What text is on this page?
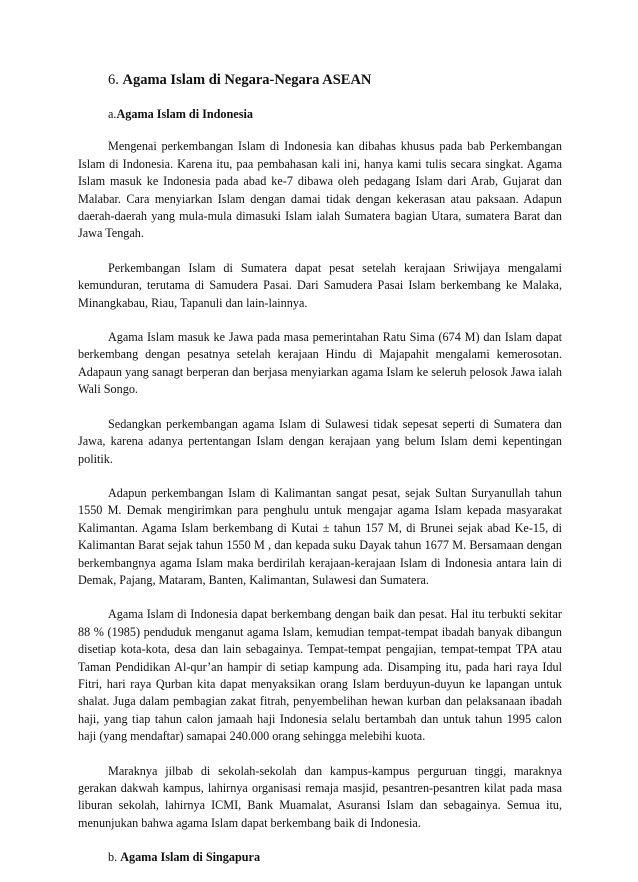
6. Agama Islam di Negara-Negara ASEAN
a.Agama Islam di Indonesia

Mengenai perkembangan Islam di Indonesia kan dibahas khusus pada bab Perkembangan Islam di Indonesia. Karena itu, paa pembahasan kali ini, hanya kami tulis secara singkat. Agama Islam masuk ke Indonesia pada abad ke-7 dibawa oleh pedagang Islam dari Arab, Gujarat dan Malabar. Cara menyiarkan Islam dengan damai tidak dengan kekerasan atau paksaan. Adapun daerah-daerah yang mula-mula dimasuki Islam ialah Sumatera bagian Utara, sumatera Barat dan Jawa Tengah.

Perkembangan Islam di Sumatera dapat pesat setelah kerajaan Sriwijaya mengalami kemunduran, terutama di Samudera Pasai. Dari Samudera Pasai Islam berkembang ke Malaka, Minangkabau, Riau, Tapanuli dan lain-lainnya.

Agama Islam masuk ke Jawa pada masa pemerintahan Ratu Sima (674 M) dan Islam dapat berkembang dengan pesatnya setelah kerajaan Hindu di Majapahit mengalami kemerosotan. Adapaun yang sanagt berperan dan berjasa menyiarkan agama Islam ke seleruh pelosok Jawa ialah Wali Songo.

Sedangkan perkembangan agama Islam di Sulawesi tidak sepesat seperti di Sumatera dan Jawa, karena adanya pertentangan Islam dengan kerajaan yang belum Islam demi kepentingan politik.

Adapun perkembangan Islam di Kalimantan sangat pesat, sejak Sultan Suryanullah tahun 1550 M. Demak mengirimkan para penghulu untuk mengajar agama Islam kepada masyarakat Kalimantan. Agama Islam berkembang di Kutai ± tahun 157 M, di Brunei sejak abad Ke-15, di Kalimantan Barat sejak tahun 1550 M , dan kepada suku Dayak tahun 1677 M. Bersamaan dengan berkembangnya agama Islam maka berdirilah kerajaan-kerajaan Islam di Indonesia antara lain di Demak, Pajang, Mataram, Banten, Kalimantan, Sulawesi dan Sumatera.

Agama Islam di Indonesia dapat berkembang dengan baik dan pesat. Hal itu terbukti sekitar 88 % (1985) penduduk menganut agama Islam, kemudian tempat-tempat ibadah banyak dibangun disetiap kota-kota, desa dan lain sebagainya. Tempat-tempat pengajian, tempat-tempat TPA atau Taman Pendidikan Al-qur’an hampir di setiap kampung ada. Disamping itu, pada hari raya Idul Fitri, hari raya Qurban kita dapat menyaksikan orang Islam berduyun-duyun ke lapangan untuk shalat. Juga dalam pembagian zakat fitrah, penyembelihan hewan kurban dan pelaksanaan ibadah haji, yang tiap tahun calon jamaah haji Indonesia selalu bertambah dan untuk tahun 1995 calon haji (yang mendaftar) samapai 240.000 orang sehingga melebihi kuota.

Maraknya jilbab di sekolah-sekolah dan kampus-kampus perguruan tinggi, maraknya gerakan dakwah kampus, lahirnya organisasi remaja masjid, pesantren-pesantren kilat pada masa liburan sekolah, lahirnya ICMI, Bank Muamalat, Asuransi Islam dan sebagainya. Semua itu, menunjukan bahwa agama Islam dapat berkembang baik di Indonesia.

b. Agama Islam di Singapura
